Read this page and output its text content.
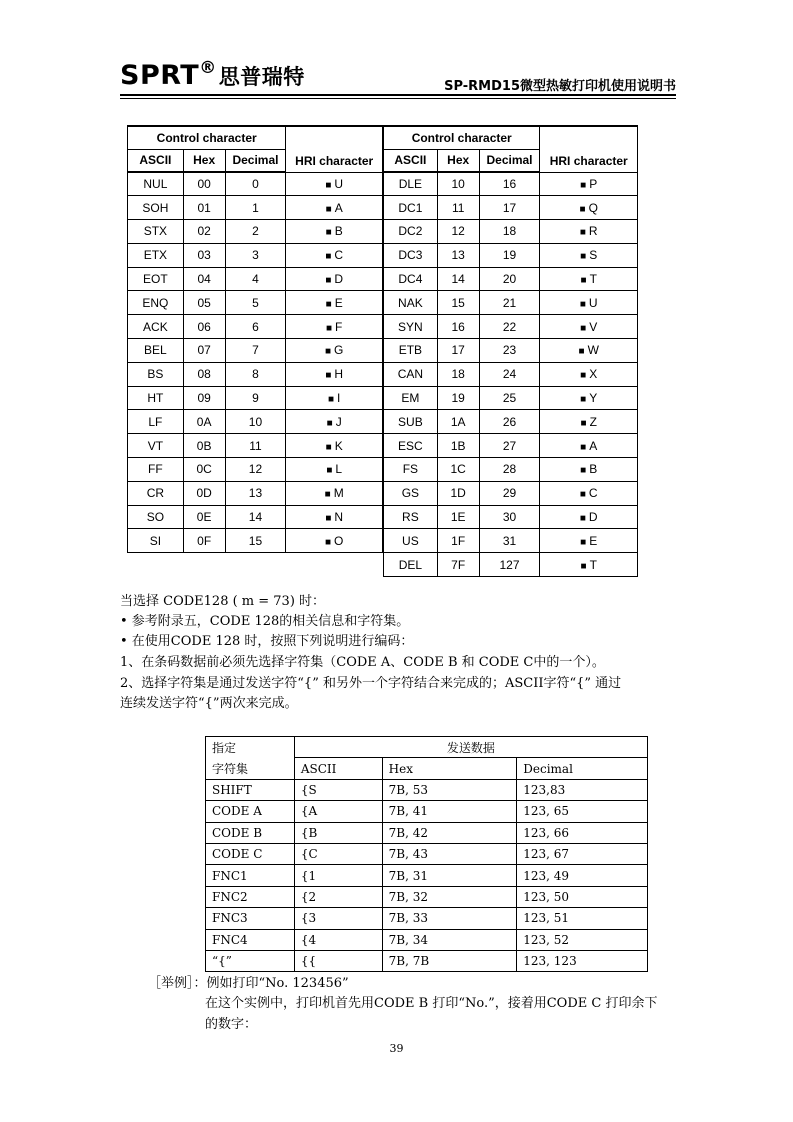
SPRT®思普瑞特	SP-RMD15微型热敏打印机使用说明书
Control character			HRI character
ASCII	Hex	Decimal	
NUL	00	0	■ U
SOH	01	1	■ A
STX	02	2	■ B
ETX	03	3	■ C
EOT	04	4	■ D
ENQ	05	5	■ E
ACK	06	6	■ F
BEL	07	7	■ G
BS	08	8	■ H
HT	09	9	■ I
LF	0A	10	■ J
VT	0B	11	■ K
FF	0C	12	■ L
CR	0D	13	■ M
SO	0E	14	■ N
SI	0F	15	■ O
Control character			HRI character
ASCII	Hex	Decimal	
DLE	10	16	■ P
DC1	11	17	■ Q
DC2	12	18	■ R
DC3	13	19	■ S
DC4	14	20	■ T
NAK	15	21	■ U
SYN	16	22	■ V
ETB	17	23	■ W
CAN	18	24	■ X
EM	19	25	■ Y
SUB	1A	26	■ Z
ESC	1B	27	■ A
FS	1C	28	■ B
GS	1D	29	■ C
RS	1E	30	■ D
US	1F	31	■ E
DEL	7F	127	■ T
当选择 CODE128 ( m = 73) 时：
• 参考附录五，CODE 128的相关信息和字符集。
• 在使用CODE 128 时，按照下列说明进行编码：
1、在条码数据前必须先选择字符集（CODE A、CODE B 和 CODE C中的一个）。
2、选择字符集是通过发送字符“{” 和另外一个字符结合来完成的；ASCII字符“{” 通过
连续发送字符“{”两次来完成。
指定	发送数据		
字符集	ASCII	Hex	Decimal
SHIFT	{S	7B, 53	123,83
CODE A	{A	7B, 41	123, 65
CODE B	{B	7B, 42	123, 66
CODE C	{C	7B, 43	123, 67
FNC1	{1	7B, 31	123, 49
FNC2	{2	7B, 32	123, 50
FNC3	{3	7B, 33	123, 51
FNC4	{4	7B, 34	123, 52
“{”	{{	7B, 7B	123, 123
［举例］：例如打印“No. 123456”
在这个实例中，打印机首先用CODE B 打印“No.”，接着用CODE C 打印余下
的数字：
39
